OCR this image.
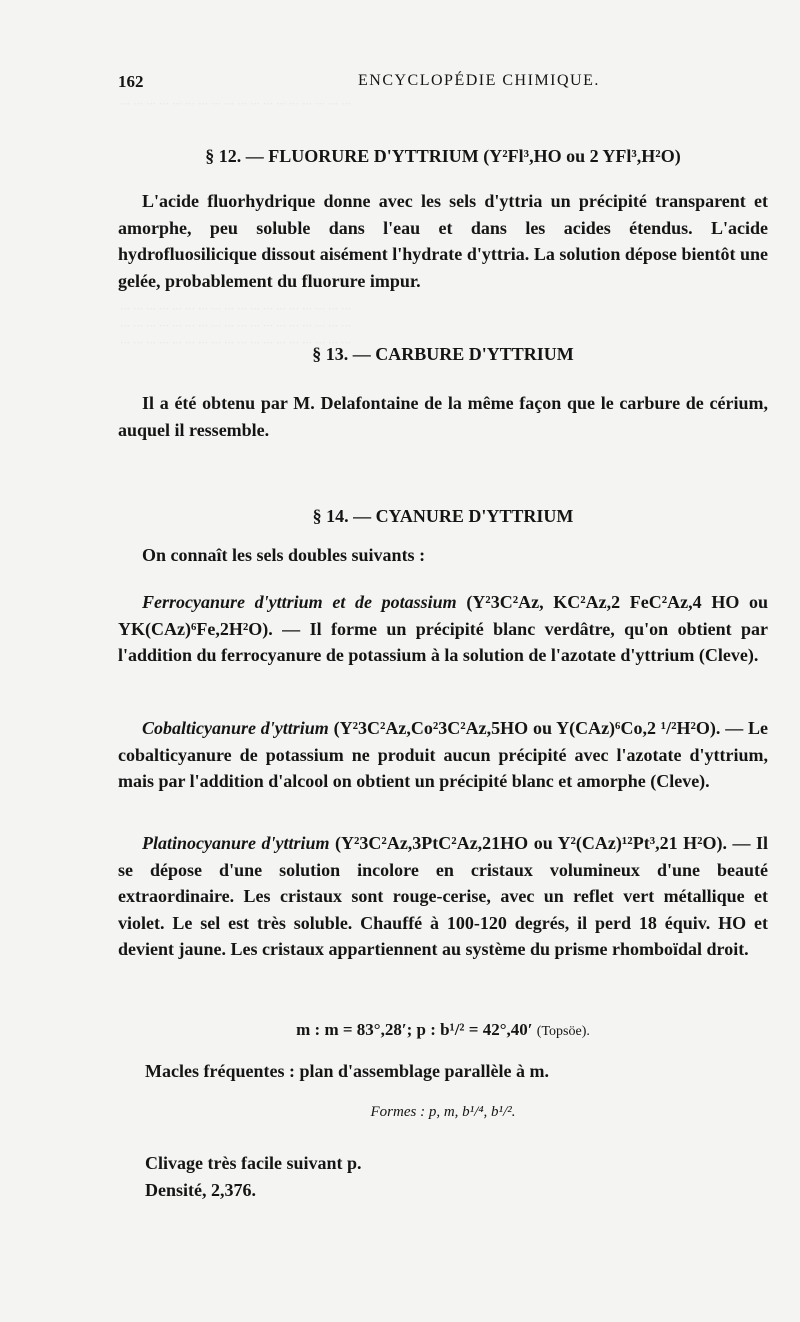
··· ··· ··· ··· ··· ··· ··· ··· ··· ··· ··· ··· ··· ··· ··· ··· ··· ···
··· ··· ··· ··· ··· ··· ··· ··· ··· ··· ··· ··· ··· ··· ··· ··· ··· ···
··· ··· ··· ··· ··· ··· ··· ··· ··· ··· ··· ··· ··· ··· ··· ··· ··· ···
··· ··· ··· ··· ··· ··· ··· ··· ··· ··· ··· ··· ··· ··· ··· ··· ··· ···
162	ENCYCLOPÉDIE CHIMIQUE.
§ 12. — FLUORURE D'YTTRIUM (Y²Fl³,HO ou 2 YFl³,H²O)
L'acide fluorhydrique donne avec les sels d'yttria un précipité transparent et amorphe, peu soluble dans l'eau et dans les acides étendus. L'acide hydrofluosilicique dissout aisément l'hydrate d'yttria. La solution dépose bientôt une gelée, probablement du fluorure impur.
§ 13. — CARBURE D'YTTRIUM
Il a été obtenu par M. Delafontaine de la même façon que le carbure de cérium, auquel il ressemble.
§ 14. — CYANURE D'YTTRIUM
On connaît les sels doubles suivants :
Ferrocyanure d'yttrium et de potassium (Y²3C²Az, KC²Az,2 FeC²Az,4 HO ou YK(CAz)⁶Fe,2H²O). — Il forme un précipité blanc verdâtre, qu'on obtient par l'addition du ferrocyanure de potassium à la solution de l'azotate d'yttrium (Cleve).
Cobalticyanure d'yttrium (Y²3C²Az,Co²3C²Az,5HO ou Y(CAz)⁶Co,2 ¹/²H²O). — Le cobalticyanure de potassium ne produit aucun précipité avec l'azotate d'yttrium, mais par l'addition d'alcool on obtient un précipité blanc et amorphe (Cleve).
Platinocyanure d'yttrium (Y²3C²Az,3PtC²Az,21HO ou Y²(CAz)¹²Pt³,21 H²O). — Il se dépose d'une solution incolore en cristaux volumineux d'une beauté extraordinaire. Les cristaux sont rouge-cerise, avec un reflet vert métallique et violet. Le sel est très soluble. Chauffé à 100-120 degrés, il perd 18 équiv. HO et devient jaune. Les cristaux appartiennent au système du prisme rhomboïdal droit.
m : m = 83°,28′; p : b¹/² = 42°,40′ (Topsöe).
Macles fréquentes : plan d'assemblage parallèle à m.
Formes : p, m, b¹/⁴, b¹/².
Clivage très facile suivant p.
Densité, 2,376.
